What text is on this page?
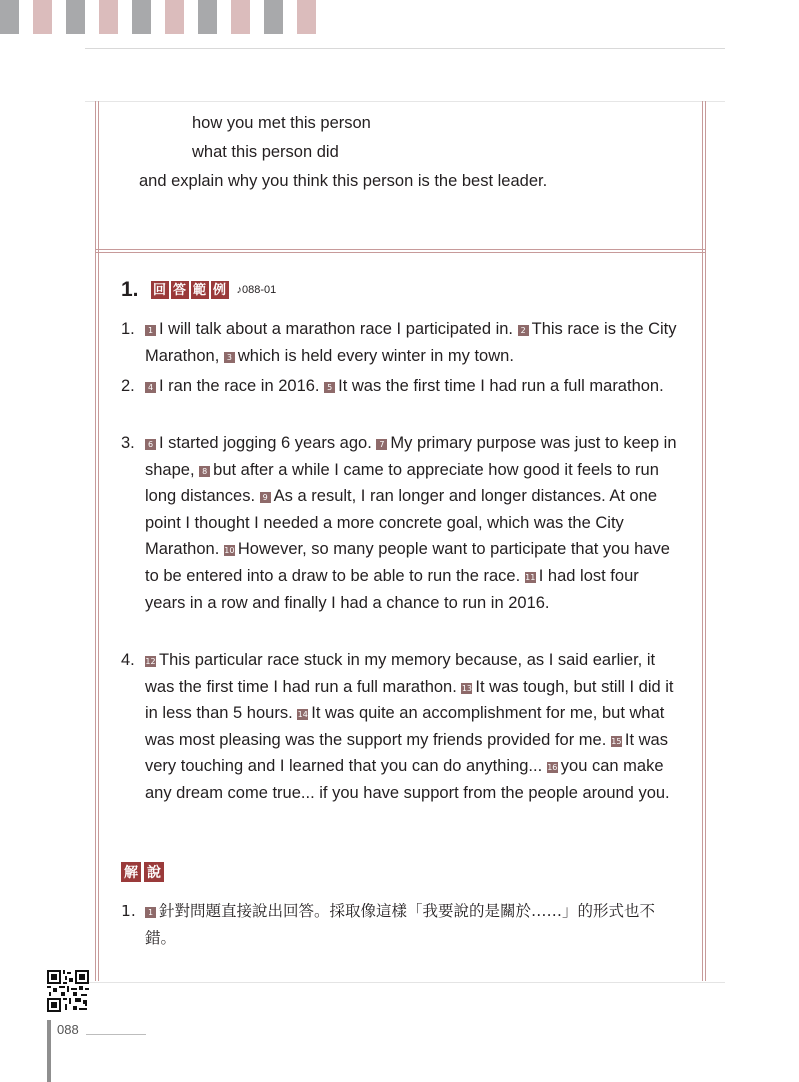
how you met this person
what this person did
and explain why you think this person is the best leader.
1. 回 答 範 例 ♪088-01
1.	1 I will talk about a marathon race I participated in. 2 This race is the City Marathon, 3 which is held every winter in my town.
2.	4 I ran the race in 2016. 5 It was the first time I had run a full marathon.
3.	6 I started jogging 6 years ago. 7 My primary purpose was just to keep in shape, 8 but after a while I came to appreciate how good it feels to run long distances. 9 As a result, I ran longer and longer distances. At one point I thought I needed a more concrete goal, which was the City Marathon. 10 However, so many people want to participate that you have to be entered into a draw to be able to run the race. 11 I had lost four years in a row and finally I had a chance to run in 2016.
4. 12 This particular race stuck in my memory because, as I said earlier, it was the first time I had run a full marathon. 13 It was tough, but still I did it in less than 5 hours. 14 It was quite an accomplishment for me, but what was most pleasing was the support my friends provided for me. 15 It was very touching and I learned that you can do anything... 16 you can make any dream come true... if you have support from the people around you.
解 說
1.	1 針對問題直接說出回答。採取像這樣「我要說的是關於……」的形式也不錯。
088
